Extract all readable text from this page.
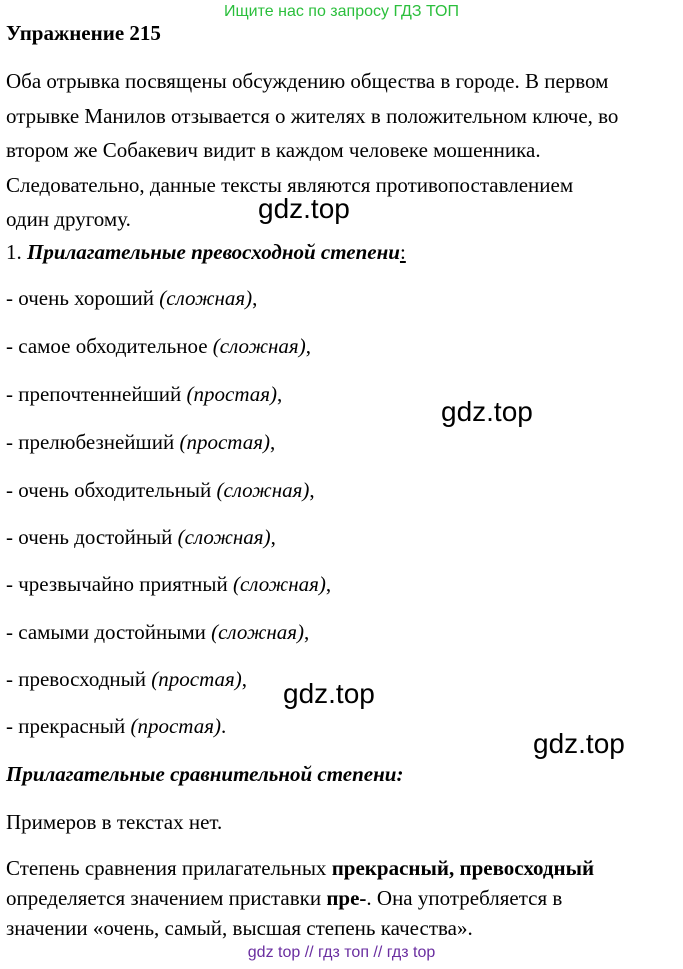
Ищите нас по запросу ГДЗ ТОП
Упражнение 215
Оба отрывка посвящены обсуждению общества в городе. В первом
отрывке Манилов отзывается о жителях в положительном ключе, во
втором же Собакевич видит в каждом человеке мошенника.
Следовательно, данные тексты являются противопоставлением
один другому.
1. Прилагательные превосходной степени:
- очень хороший (сложная),
- самое обходительное (сложная),
- препочтеннейший (простая),
- прелюбезнейший (простая),
- очень обходительный (сложная),
- очень достойный (сложная),
- чрезвычайно приятный (сложная),
- самыми достойными (сложная),
- превосходный (простая),
- прекрасный (простая).
Прилагательные сравнительной степени:
Примеров в текстах нет.
Степень сравнения прилагательных прекрасный, превосходный
определяется значением приставки пре-. Она употребляется в
значении «очень, самый, высшая степень качества».
gdz.top
gdz.top
gdz.top
gdz.top
gdz top // гдз топ // гдз top
